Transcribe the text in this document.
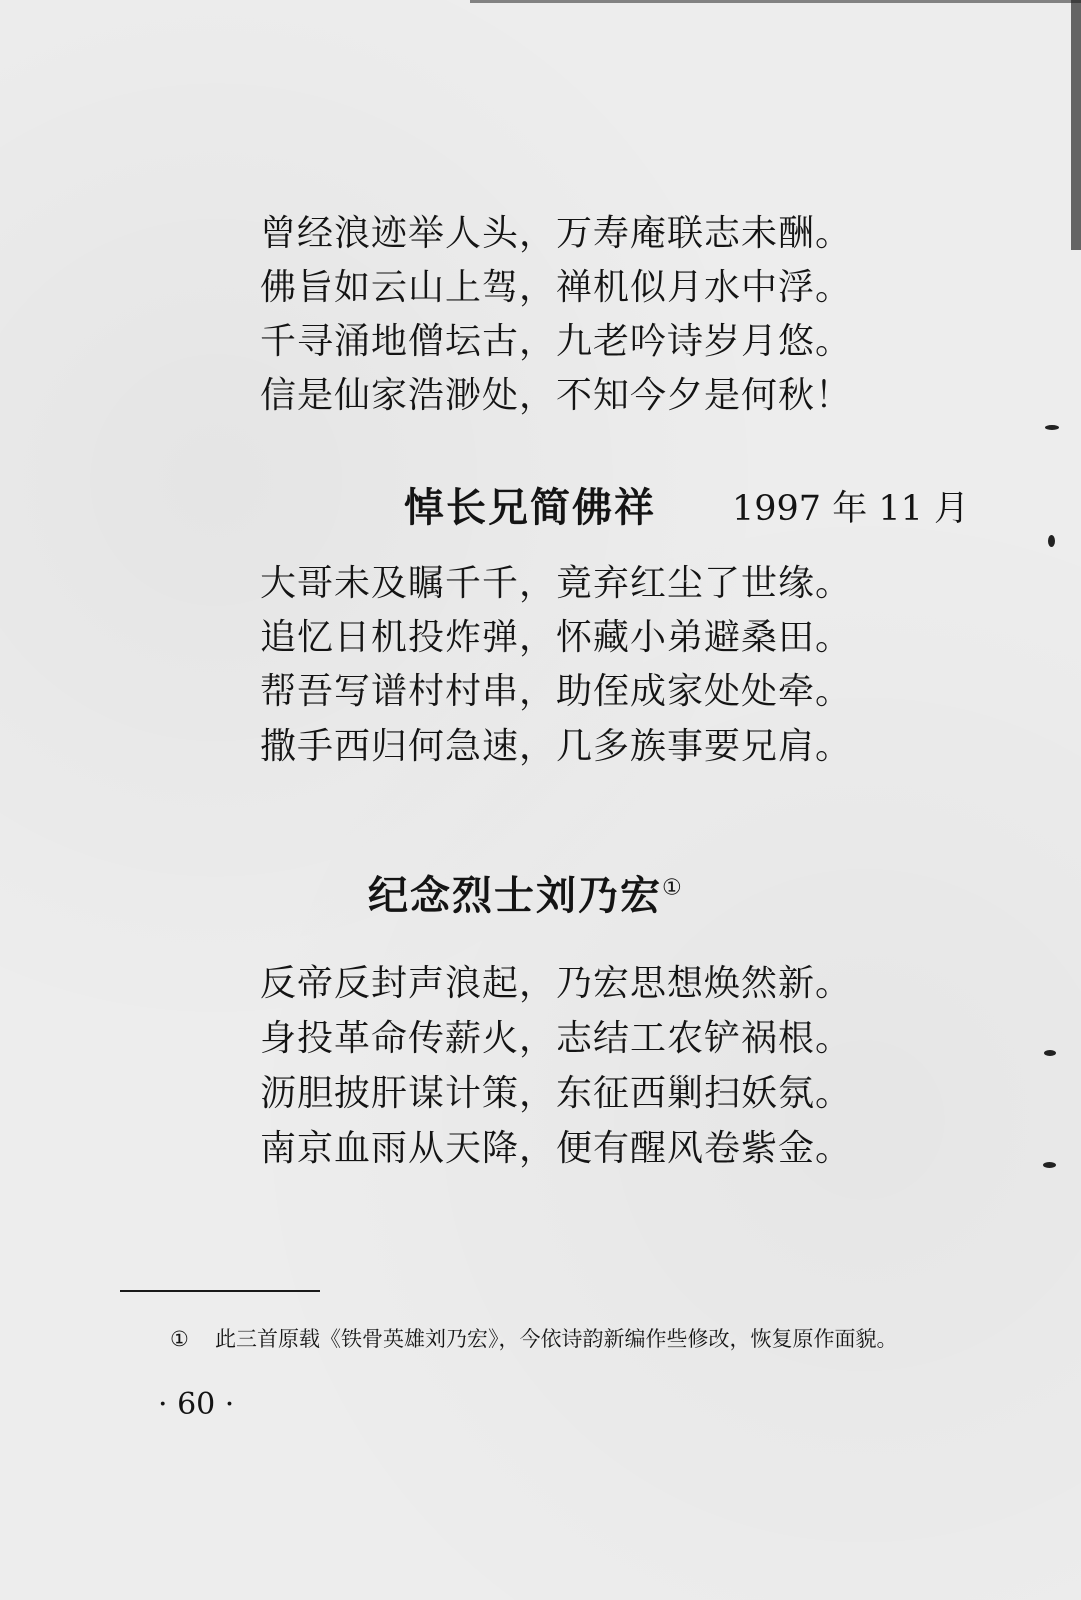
曾经浪迹举人头，万寿庵联志未酬。
佛旨如云山上驾，禅机似月水中浮。
千寻涌地僧坛古，九老吟诗岁月悠。
信是仙家浩渺处，不知今夕是何秋！
悼长兄简佛祥 1997 年 11 月
大哥未及瞩千千，竟弃红尘了世缘。
追忆日机投炸弹，怀藏小弟避桑田。
帮吾写谱村村串，助侄成家处处牵。
撒手西归何急速，几多族事要兄肩。
纪念烈士刘乃宏①
反帝反封声浪起，乃宏思想焕然新。
身投革命传薪火，志结工农铲祸根。
沥胆披肝谋计策，东征西剿扫妖氛。
南京血雨从天降，便有醒风卷紫金。
① 此三首原载《铁骨英雄刘乃宏》，今依诗韵新编作些修改，恢复原作面貌。
· 60 ·
